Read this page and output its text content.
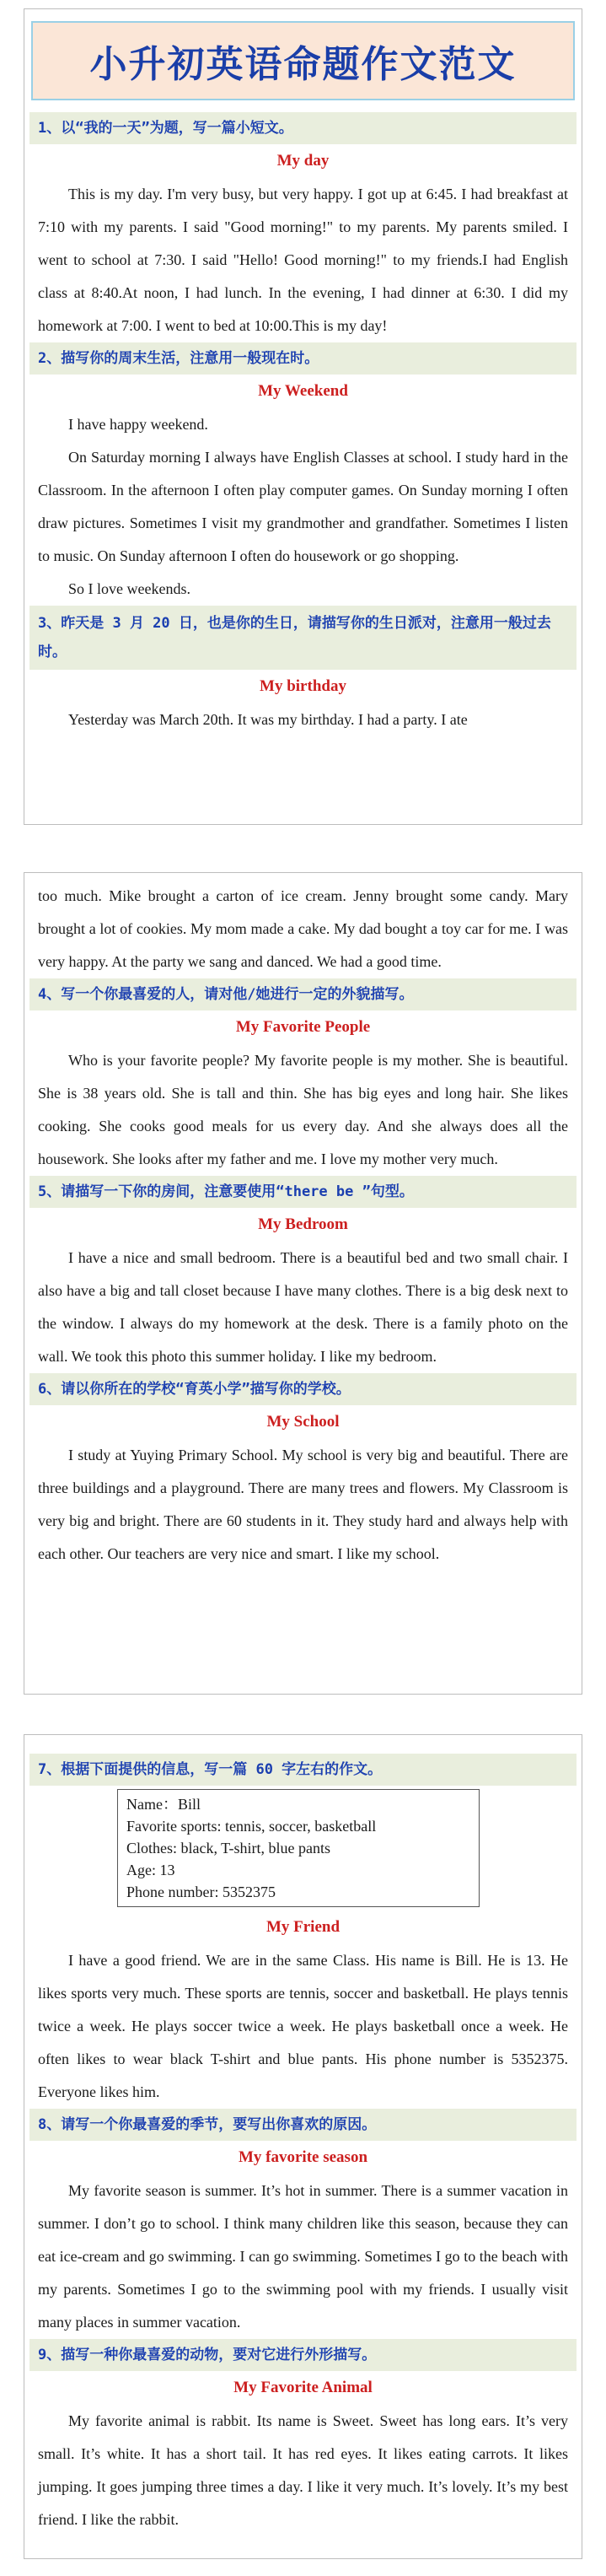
小升初英语命题作文范文
1、以“我的一天”为题，写一篇小短文。
My day
This is my day. I'm very busy, but very happy. I got up at 6:45. I had breakfast at 7:10 with my parents. I said "Good morning!" to my parents. My parents smiled. I went to school at 7:30. I said "Hello! Good morning!" to my friends.I had English class at 8:40.At noon, I had lunch. In the evening, I had dinner at 6:30. I did my homework at 7:00. I went to bed at 10:00.This is my day!
2、描写你的周末生活，注意用一般现在时。
My Weekend
I have happy weekend.
On Saturday morning I always have English Classes at school. I study hard in the Classroom. In the afternoon I often play computer games. On Sunday morning I often draw pictures. Sometimes I visit my grandmother and grandfather. Sometimes I listen to music. On Sunday afternoon I often do housework or go shopping.
So I love weekends.
3、昨天是 3 月 20 日，也是你的生日，请描写你的生日派对，注意用一般过去时。
My birthday
Yesterday was March 20th. It was my birthday. I had a party. I ate
too much. Mike brought a carton of ice cream. Jenny brought some candy. Mary brought a lot of cookies. My mom made a cake. My dad bought a toy car for me. I was very happy. At the party we sang and danced. We had a good time.
4、写一个你最喜爱的人，请对他/她进行一定的外貌描写。
My Favorite People
Who is your favorite people? My favorite people is my mother. She is beautiful. She is 38 years old. She is tall and thin. She has big eyes and long hair. She likes cooking. She cooks good meals for us every day. And she always does all the housework. She looks after my father and me. I love my mother very much.
5、请描写一下你的房间，注意要使用“there be ”句型。
My Bedroom
I have a nice and small bedroom. There is a beautiful bed and two small chair. I also have a big and tall closet because I have many clothes. There is a big desk next to the window. I always do my homework at the desk. There is a family photo on the wall. We took this photo this summer holiday. I like my bedroom.
6、请以你所在的学校“育英小学”描写你的学校。
My School
I study at Yuying Primary School. My school is very big and beautiful. There are three buildings and a playground. There are many trees and flowers. My Classroom is very big and bright. There are 60 students in it. They study hard and always help with each other. Our teachers are very nice and smart. I like my school.
7、根据下面提供的信息，写一篇 60 字左右的作文。
Name：Bill
Favorite sports: tennis, soccer, basketball
Clothes: black, T-shirt, blue pants
Age: 13
Phone number: 5352375
My Friend
I have a good friend. We are in the same Class. His name is Bill. He is 13. He likes sports very much. These sports are tennis, soccer and basketball. He plays tennis twice a week. He plays soccer twice a week. He plays basketball once a week. He often likes to wear black T-shirt and blue pants. His phone number is 5352375. Everyone likes him.
8、请写一个你最喜爱的季节，要写出你喜欢的原因。
My favorite season
My favorite season is summer. It’s hot in summer. There is a summer vacation in summer. I don’t go to school. I think many children like this season, because they can eat ice-cream and go swimming. I can go swimming. Sometimes I go to the beach with my parents. Sometimes I go to the swimming pool with my friends. I usually visit many places in summer vacation.
9、描写一种你最喜爱的动物，要对它进行外形描写。
My Favorite Animal
My favorite animal is rabbit. Its name is Sweet. Sweet has long ears. It’s very small. It’s white. It has a short tail. It has red eyes. It likes eating carrots. It likes jumping. It goes jumping three times a day. I like it very much. It’s lovely. It’s my best friend. I like the rabbit.
